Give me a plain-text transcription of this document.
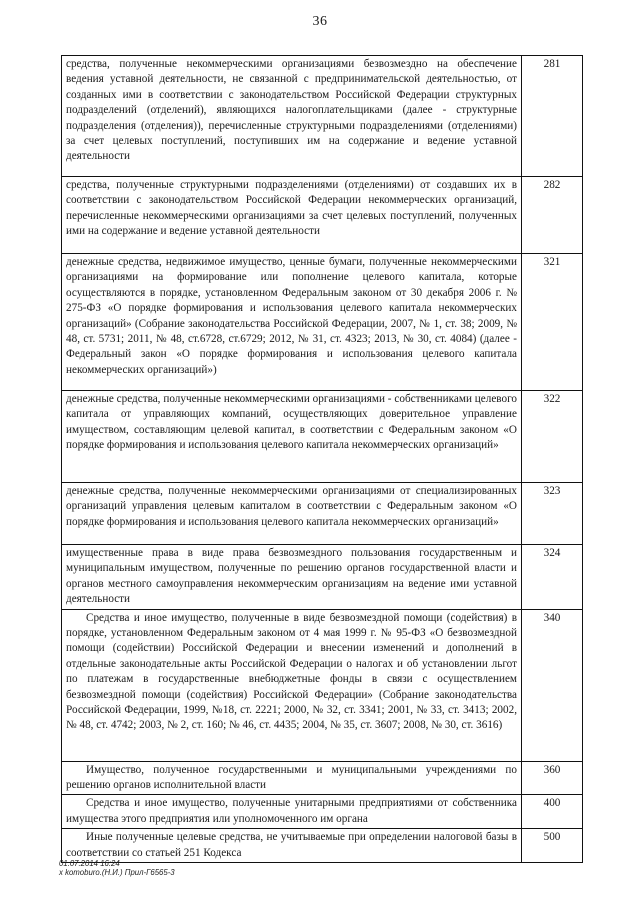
36
средства, полученные некоммерческими организациями безвозмездно на обеспечение ведения уставной деятельности, не связанной с предпринимательской деятельностью, от созданных ими в соответствии с законодательством Российской Федерации структурных подразделений (отделений), являющихся налогоплательщиками (далее - структурные подразделения (отделения)), перечисленные структурными подразделениями (отделениями) за счет целевых поступлений, поступивших им на содержание и ведение уставной деятельности	281
средства, полученные структурными подразделениями (отделениями) от создавших их в соответствии с законодательством Российской Федерации некоммерческих организаций, перечисленные некоммерческими организациями за счет целевых поступлений, полученных ими на содержание и ведение уставной деятельности	282
денежные средства, недвижимое имущество, ценные бумаги, полученные некоммерческими организациями на формирование или пополнение целевого капитала, которые осуществляются в порядке, установленном Федеральным законом от 30 декабря 2006 г. № 275-ФЗ «О порядке формирования и использования целевого капитала некоммерческих организаций» (Собрание законодательства Российской Федерации, 2007, № 1, ст. 38; 2009, № 48, ст. 5731; 2011, № 48, ст.6728, ст.6729; 2012, № 31, ст. 4323; 2013, № 30, ст. 4084) (далее - Федеральный закон «О порядке формирования и использования целевого капитала некоммерческих организаций»)	321
денежные средства, полученные некоммерческими организациями - собственниками целевого капитала от управляющих компаний, осуществляющих доверительное управление имуществом, составляющим целевой капитал, в соответствии с Федеральным законом «О порядке формирования и использования целевого капитала некоммерческих организаций»	322
денежные средства, полученные некоммерческими организациями от специализированных организаций управления целевым капиталом в соответствии с Федеральным законом «О порядке формирования и использования целевого капитала некоммерческих организаций»	323
имущественные права в виде права безвозмездного пользования государственным и муниципальным имуществом, полученные по решению органов государственной власти и органов местного самоуправления некоммерческим организациям на ведение ими уставной деятельности	324
Средства и иное имущество, полученные в виде безвозмездной помощи (содействия) в порядке, установленном Федеральным законом от 4 мая 1999 г. № 95-ФЗ «О безвозмездной помощи (содействии) Российской Федерации и внесении изменений и дополнений в отдельные законодательные акты Российской Федерации о налогах и об установлении льгот по платежам в государственные внебюджетные фонды в связи с осуществлением безвозмездной помощи (содействия) Российской Федерации» (Собрание законодательства Российской Федерации, 1999, №18, ст. 2221; 2000, № 32, ст. 3341; 2001, № 33, ст. 3413; 2002, № 48, ст. 4742; 2003, № 2, ст. 160; № 46, ст. 4435; 2004, № 35, ст. 3607; 2008, № 30, ст. 3616)	340
Имущество, полученное государственными и муниципальными учреждениями по решению органов исполнительной власти	360
Средства и иное имущество, полученные унитарными предприятиями от собственника имущества этого предприятия или уполномоченного им органа	400
Иные полученные целевые средства, не учитываемые при определении налоговой базы в соответствии со статьей 251 Кодекса	500
01.07.2014 16:24
x komoburo.(Н.И.) Прил-Г6565-3
